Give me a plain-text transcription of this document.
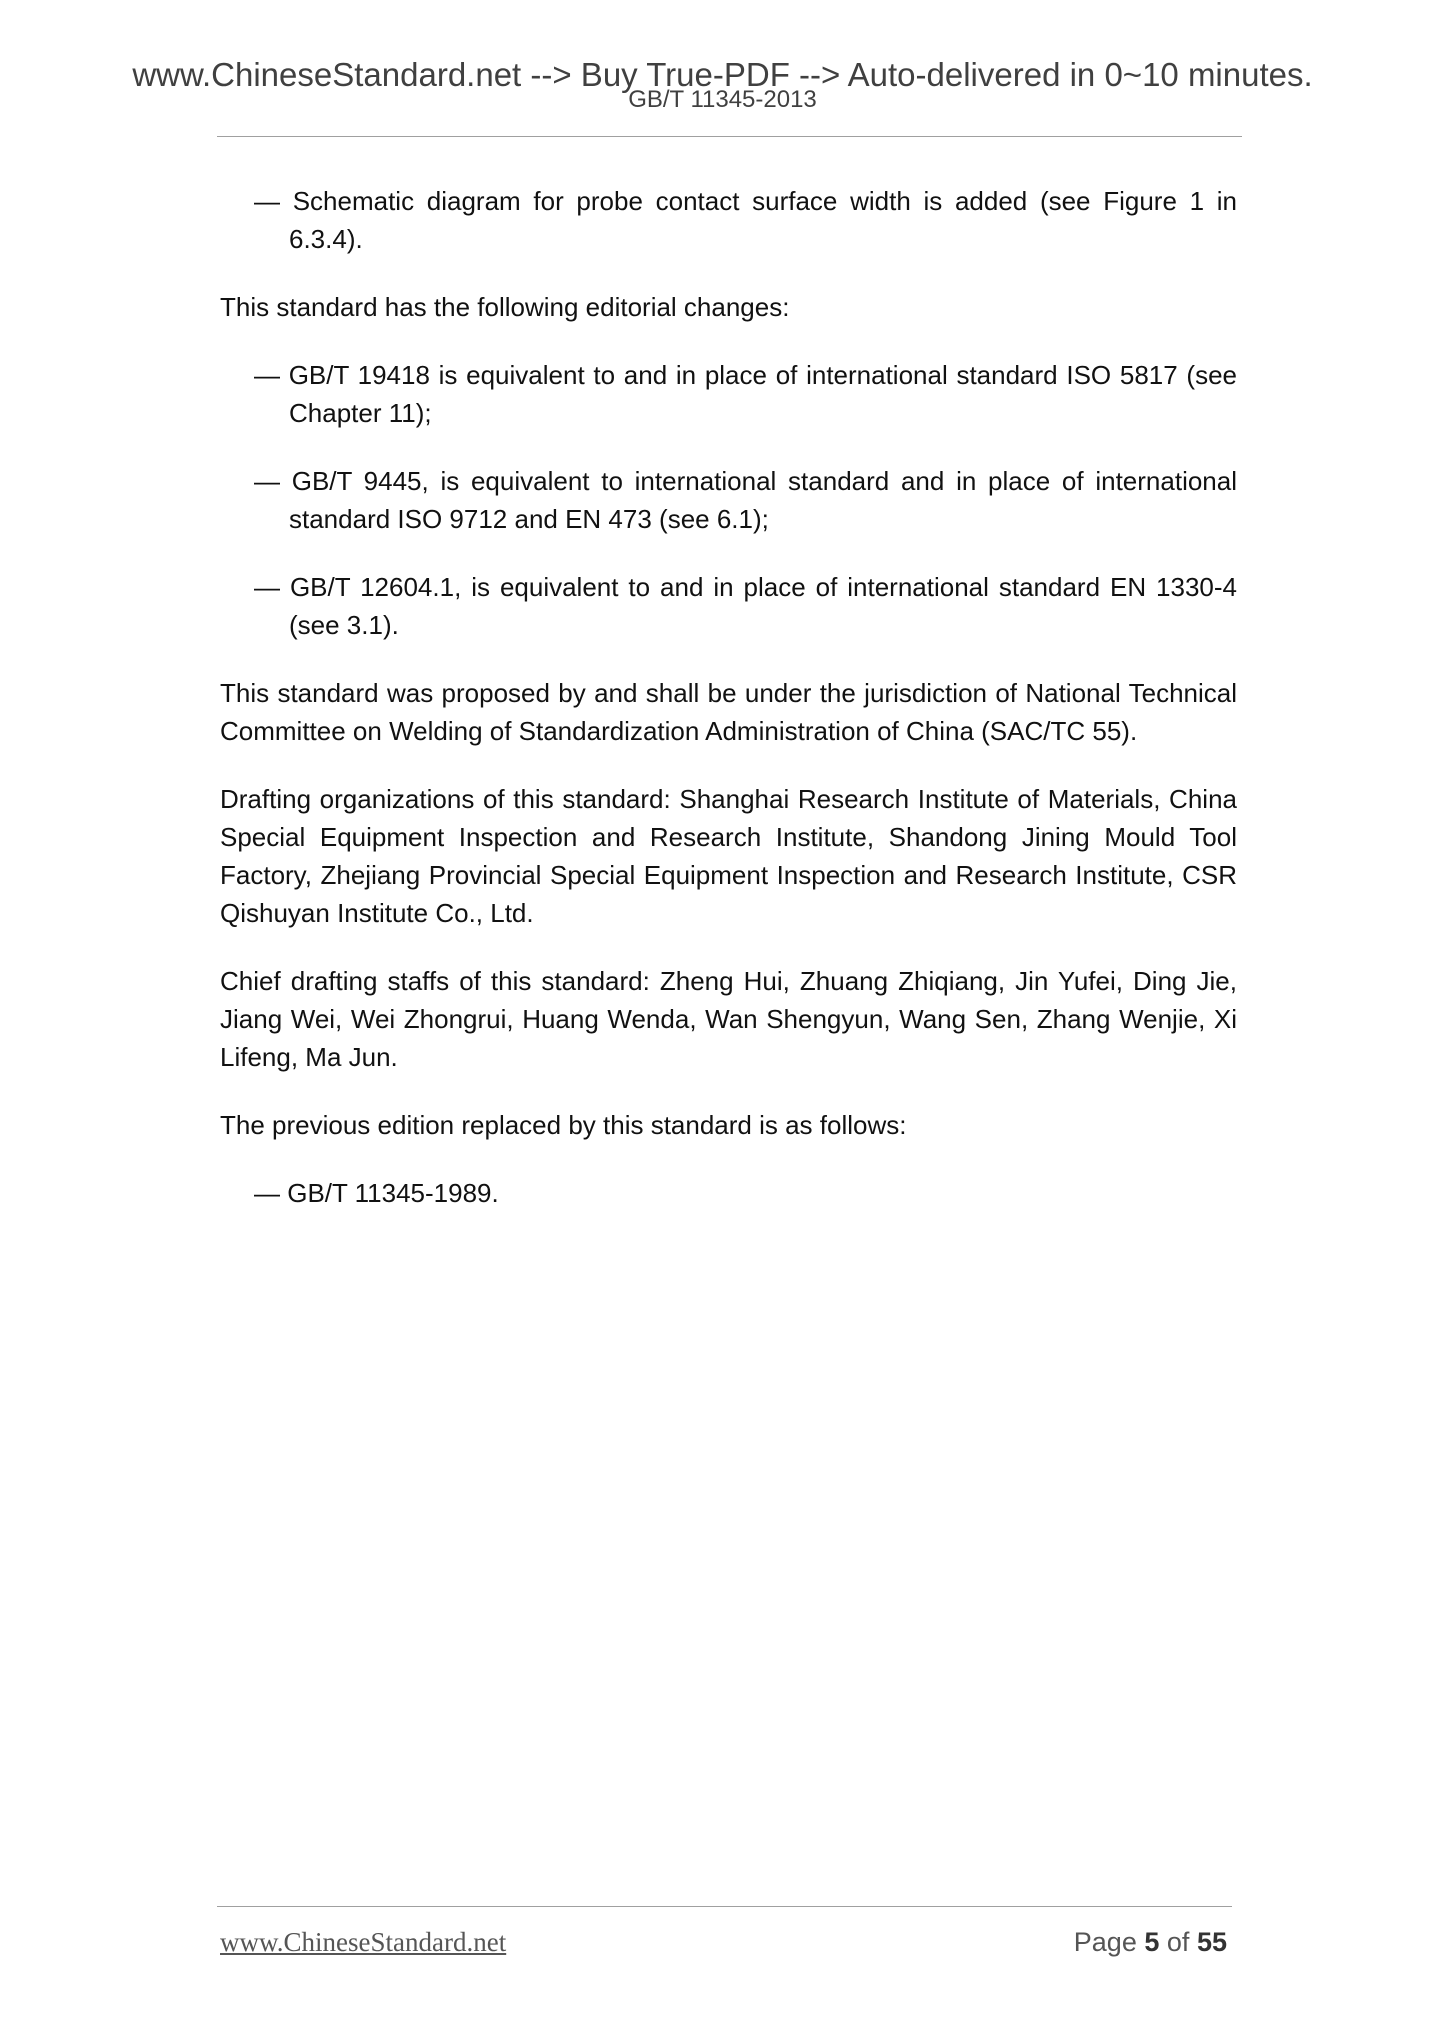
www.ChineseStandard.net --> Buy True-PDF --> Auto-delivered in 0~10 minutes.
GB/T 11345-2013

— Schematic diagram for probe contact surface width is added (see Figure 1 in 6.3.4).

This standard has the following editorial changes:

— GB/T 19418 is equivalent to and in place of international standard ISO 5817 (see Chapter 11);

— GB/T 9445, is equivalent to international standard and in place of international standard ISO 9712 and EN 473 (see 6.1);

— GB/T 12604.1, is equivalent to and in place of international standard EN 1330-4 (see 3.1).

This standard was proposed by and shall be under the jurisdiction of National Technical Committee on Welding of Standardization Administration of China (SAC/TC 55).

Drafting organizations of this standard: Shanghai Research Institute of Materials, China Special Equipment Inspection and Research Institute, Shandong Jining Mould Tool Factory, Zhejiang Provincial Special Equipment Inspection and Research Institute, CSR Qishuyan Institute Co., Ltd.

Chief drafting staffs of this standard: Zheng Hui, Zhuang Zhiqiang, Jin Yufei, Ding Jie, Jiang Wei, Wei Zhongrui, Huang Wenda, Wan Shengyun, Wang Sen, Zhang Wenjie, Xi Lifeng, Ma Jun.

The previous edition replaced by this standard is as follows:

— GB/T 11345-1989.

www.ChineseStandard.net	Page 5 of 55
